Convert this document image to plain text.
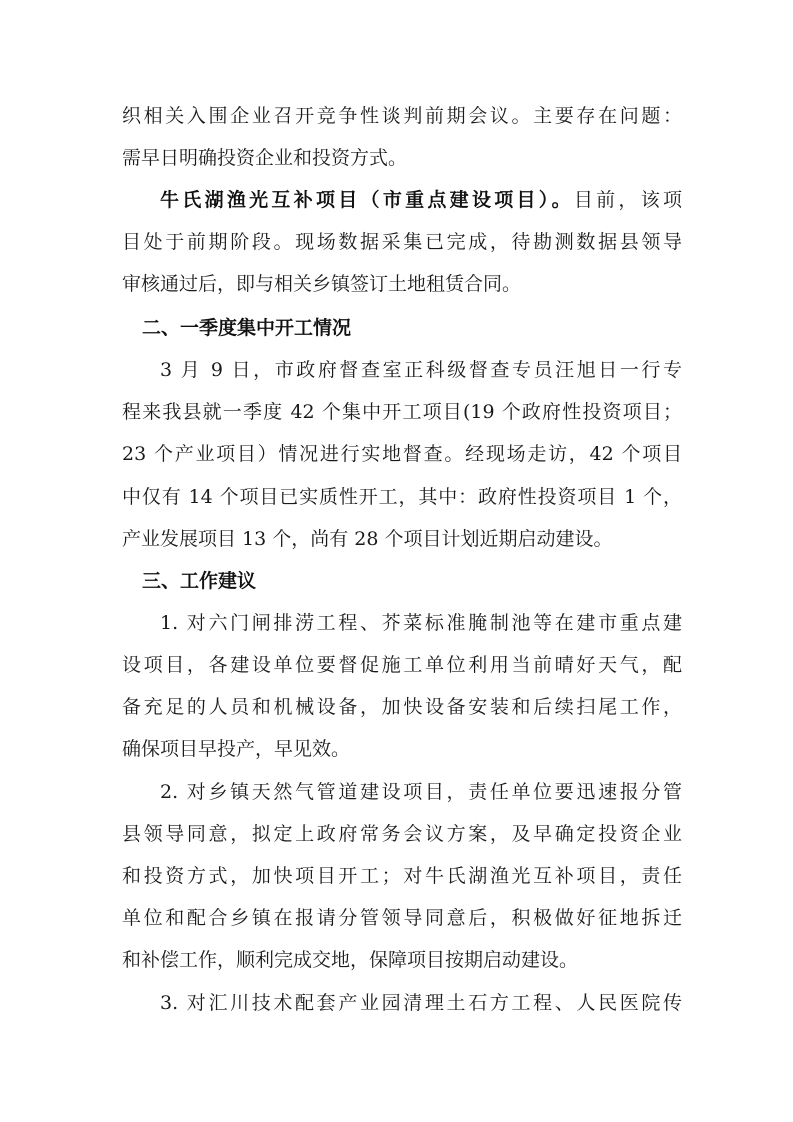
织相关入围企业召开竞争性谈判前期会议。主要存在问题：
需早日明确投资企业和投资方式。
牛氏湖渔光互补项目（市重点建设项目）。目前，该项
目处于前期阶段。现场数据采集已完成，待勘测数据县领导
审核通过后，即与相关乡镇签订土地租赁合同。
二、一季度集中开工情况
3 月 9 日，市政府督查室正科级督查专员汪旭日一行专
程来我县就一季度 42 个集中开工项目(19 个政府性投资项目；
23 个产业项目）情况进行实地督查。经现场走访，42 个项目
中仅有 14 个项目已实质性开工，其中：政府性投资项目 1 个，
产业发展项目 13 个，尚有 28 个项目计划近期启动建设。
三、工作建议
1. 对六门闸排涝工程、芥菜标准腌制池等在建市重点建
设项目，各建设单位要督促施工单位利用当前晴好天气，配
备充足的人员和机械设备，加快设备安装和后续扫尾工作，
确保项目早投产，早见效。
2. 对乡镇天然气管道建设项目，责任单位要迅速报分管
县领导同意，拟定上政府常务会议方案，及早确定投资企业
和投资方式，加快项目开工；对牛氏湖渔光互补项目，责任
单位和配合乡镇在报请分管领导同意后，积极做好征地拆迁
和补偿工作，顺利完成交地，保障项目按期启动建设。
3. 对汇川技术配套产业园清理土石方工程、人民医院传
